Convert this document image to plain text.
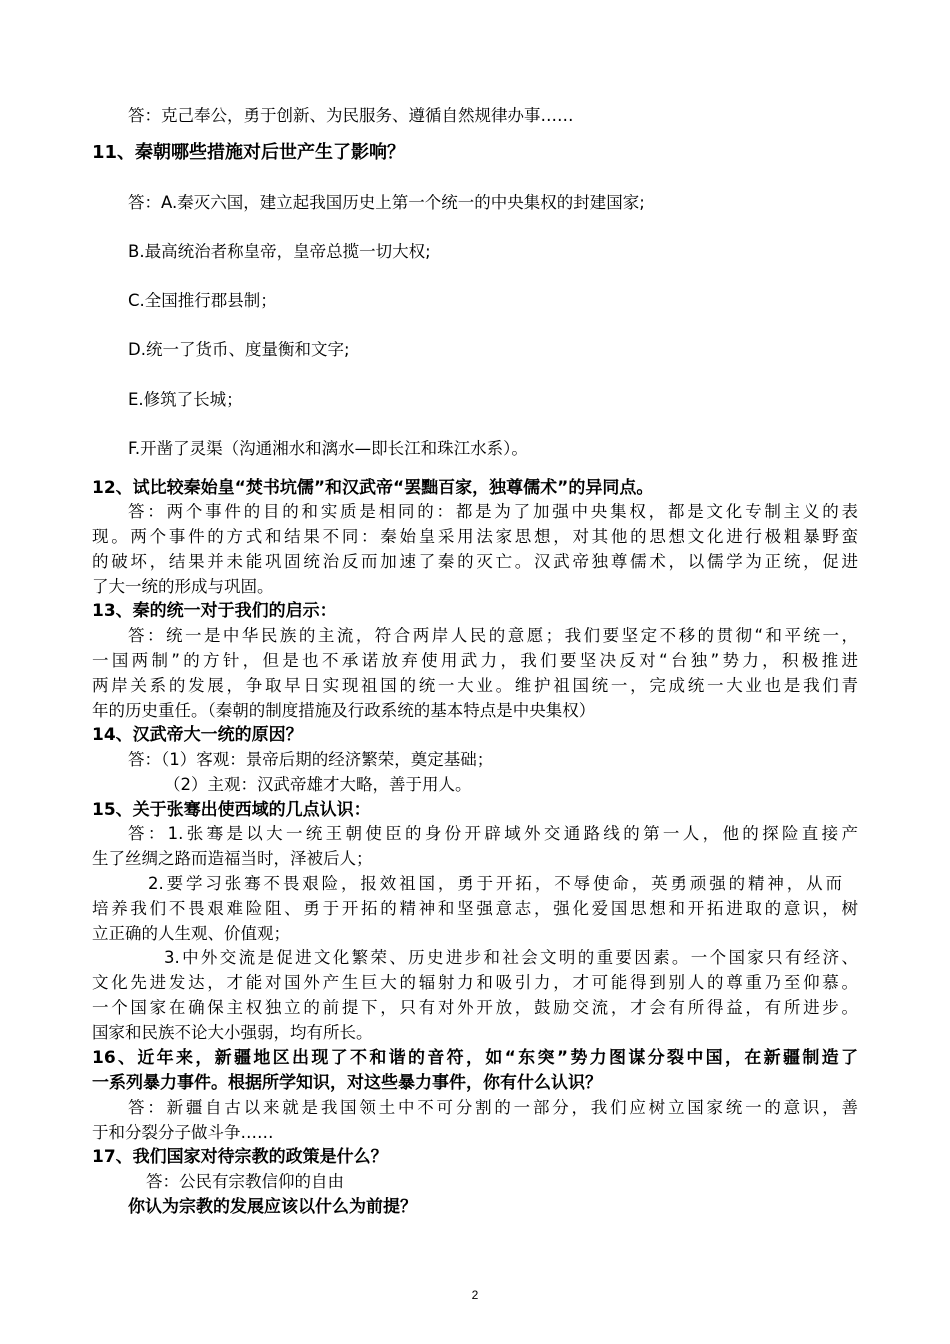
答：克己奉公，勇于创新、为民服务、遵循自然规律办事……
11、秦朝哪些措施对后世产生了影响？
答：A.秦灭六国，建立起我国历史上第一个统一的中央集权的封建国家;
B.最高统治者称皇帝，皇帝总揽一切大权;
C.全国推行郡县制；
D.统一了货币、度量衡和文字;
E.修筑了长城；
F.开凿了灵渠（沟通湘水和漓水—即长江和珠江水系）。
12、试比较秦始皇“焚书坑儒”和汉武帝“罢黜百家，独尊儒术”的异同点。
答：两个事件的目的和实质是相同的：都是为了加强中央集权，都是文化专制主义的表
现。两个事件的方式和结果不同：秦始皇采用法家思想，对其他的思想文化进行极粗暴野蛮
的破坏，结果并未能巩固统治反而加速了秦的灭亡。汉武帝独尊儒术，以儒学为正统，促进
了大一统的形成与巩固。
13、秦的统一对于我们的启示：
答：统一是中华民族的主流，符合两岸人民的意愿；我们要坚定不移的贯彻“和平统一，
一国两制”的方针，但是也不承诺放弃使用武力，我们要坚决反对“台独”势力，积极推进
两岸关系的发展，争取早日实现祖国的统一大业。维护祖国统一，完成统一大业也是我们青
年的历史重任。（秦朝的制度措施及行政系统的基本特点是中央集权）
14、汉武帝大一统的原因？
答：（1）客观：景帝后期的经济繁荣，奠定基础；
（2）主观：汉武帝雄才大略，善于用人。
15、关于张骞出使西域的几点认识：
答：1.张骞是以大一统王朝使臣的身份开辟域外交通路线的第一人，他的探险直接产
生了丝绸之路而造福当时，泽被后人；
2.要学习张骞不畏艰险，报效祖国，勇于开拓，不辱使命，英勇顽强的精神，从而
培养我们不畏艰难险阻、勇于开拓的精神和坚强意志，强化爱国思想和开拓进取的意识，树
立正确的人生观、价值观；
3.中外交流是促进文化繁荣、历史进步和社会文明的重要因素。一个国家只有经济、
文化先进发达，才能对国外产生巨大的辐射力和吸引力，才可能得到别人的尊重乃至仰慕。
一个国家在确保主权独立的前提下，只有对外开放，鼓励交流，才会有所得益，有所进步。
国家和民族不论大小强弱，均有所长。
16、近年来，新疆地区出现了不和谐的音符，如“东突”势力图谋分裂中国，在新疆制造了
一系列暴力事件。根据所学知识，对这些暴力事件，你有什么认识？
答：新疆自古以来就是我国领土中不可分割的一部分，我们应树立国家统一的意识，善
于和分裂分子做斗争……
17、我们国家对待宗教的政策是什么？
答：公民有宗教信仰的自由
你认为宗教的发展应该以什么为前提？
2
